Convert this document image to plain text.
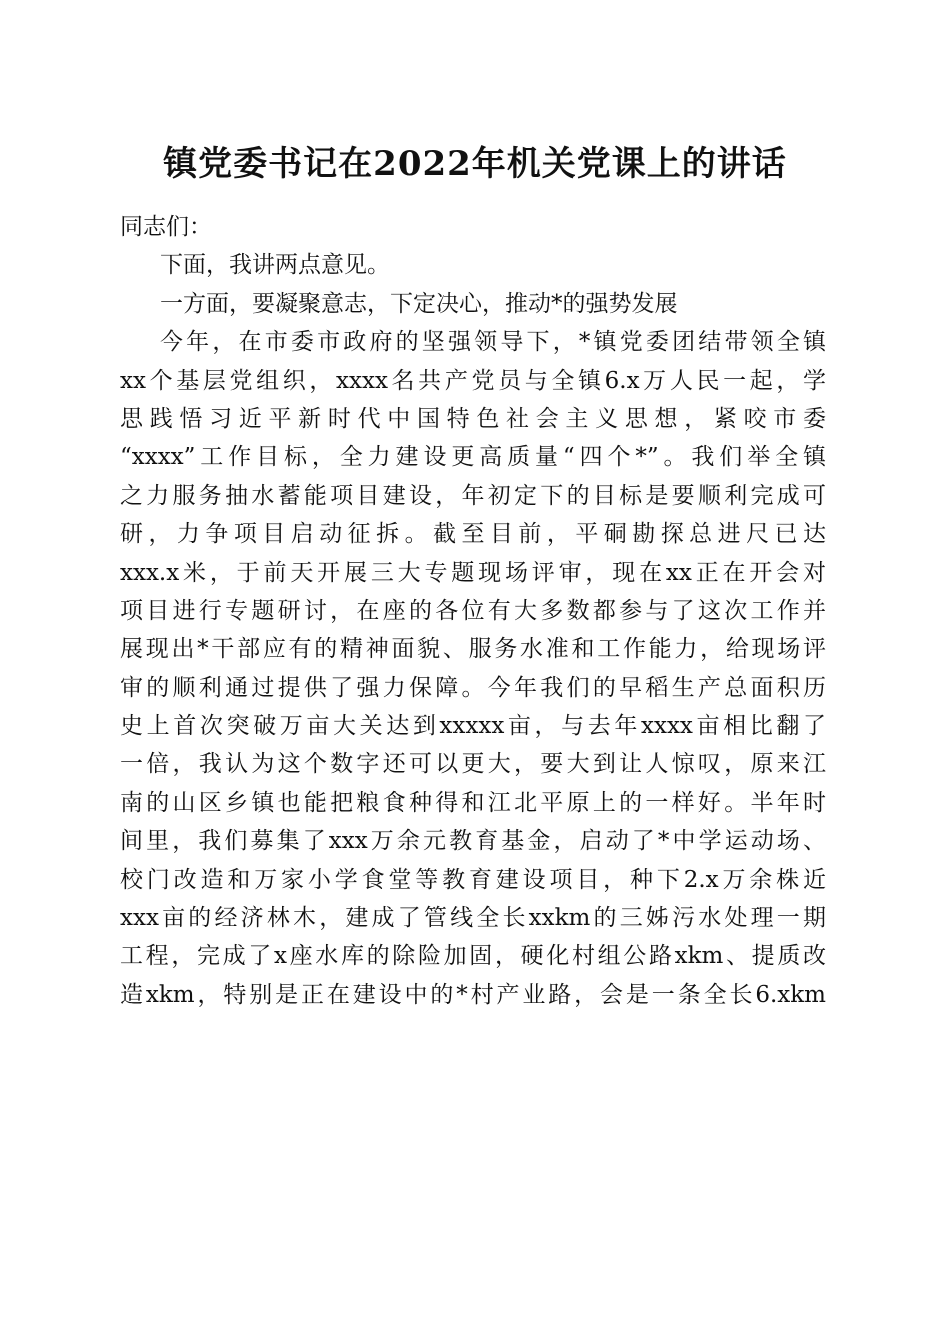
镇党委书记在2022年机关党课上的讲话
同志们：
下面，我讲两点意见。
一方面，要凝聚意志，下定决心，推动*的强势发展
今年，在市委市政府的坚强领导下，*镇党委团结带领全镇
xx个基层党组织，xxxx名共产党员与全镇6.x万人民一起，学
思践悟习近平新时代中国特色社会主义思想，紧咬市委
“xxxx”工作目标，全力建设更高质量“四个*”。我们举全镇
之力服务抽水蓄能项目建设，年初定下的目标是要顺利完成可
研，力争项目启动征拆。截至目前，平硐勘探总进尺已达
xxx.x米，于前天开展三大专题现场评审，现在xx正在开会对
项目进行专题研讨，在座的各位有大多数都参与了这次工作并
展现出*干部应有的精神面貌、服务水准和工作能力，给现场评
审的顺利通过提供了强力保障。今年我们的早稻生产总面积历
史上首次突破万亩大关达到xxxxx亩，与去年xxxx亩相比翻了
一倍，我认为这个数字还可以更大，要大到让人惊叹，原来江
南的山区乡镇也能把粮食种得和江北平原上的一样好。半年时
间里，我们募集了xxx万余元教育基金，启动了*中学运动场、
校门改造和万家小学食堂等教育建设项目，种下2.x万余株近
xxx亩的经济林木，建成了管线全长xxkm的三姊污水处理一期
工程，完成了x座水库的除险加固，硬化村组公路xkm、提质改
造xkm，特别是正在建设中的*村产业路，会是一条全长6.xkm
